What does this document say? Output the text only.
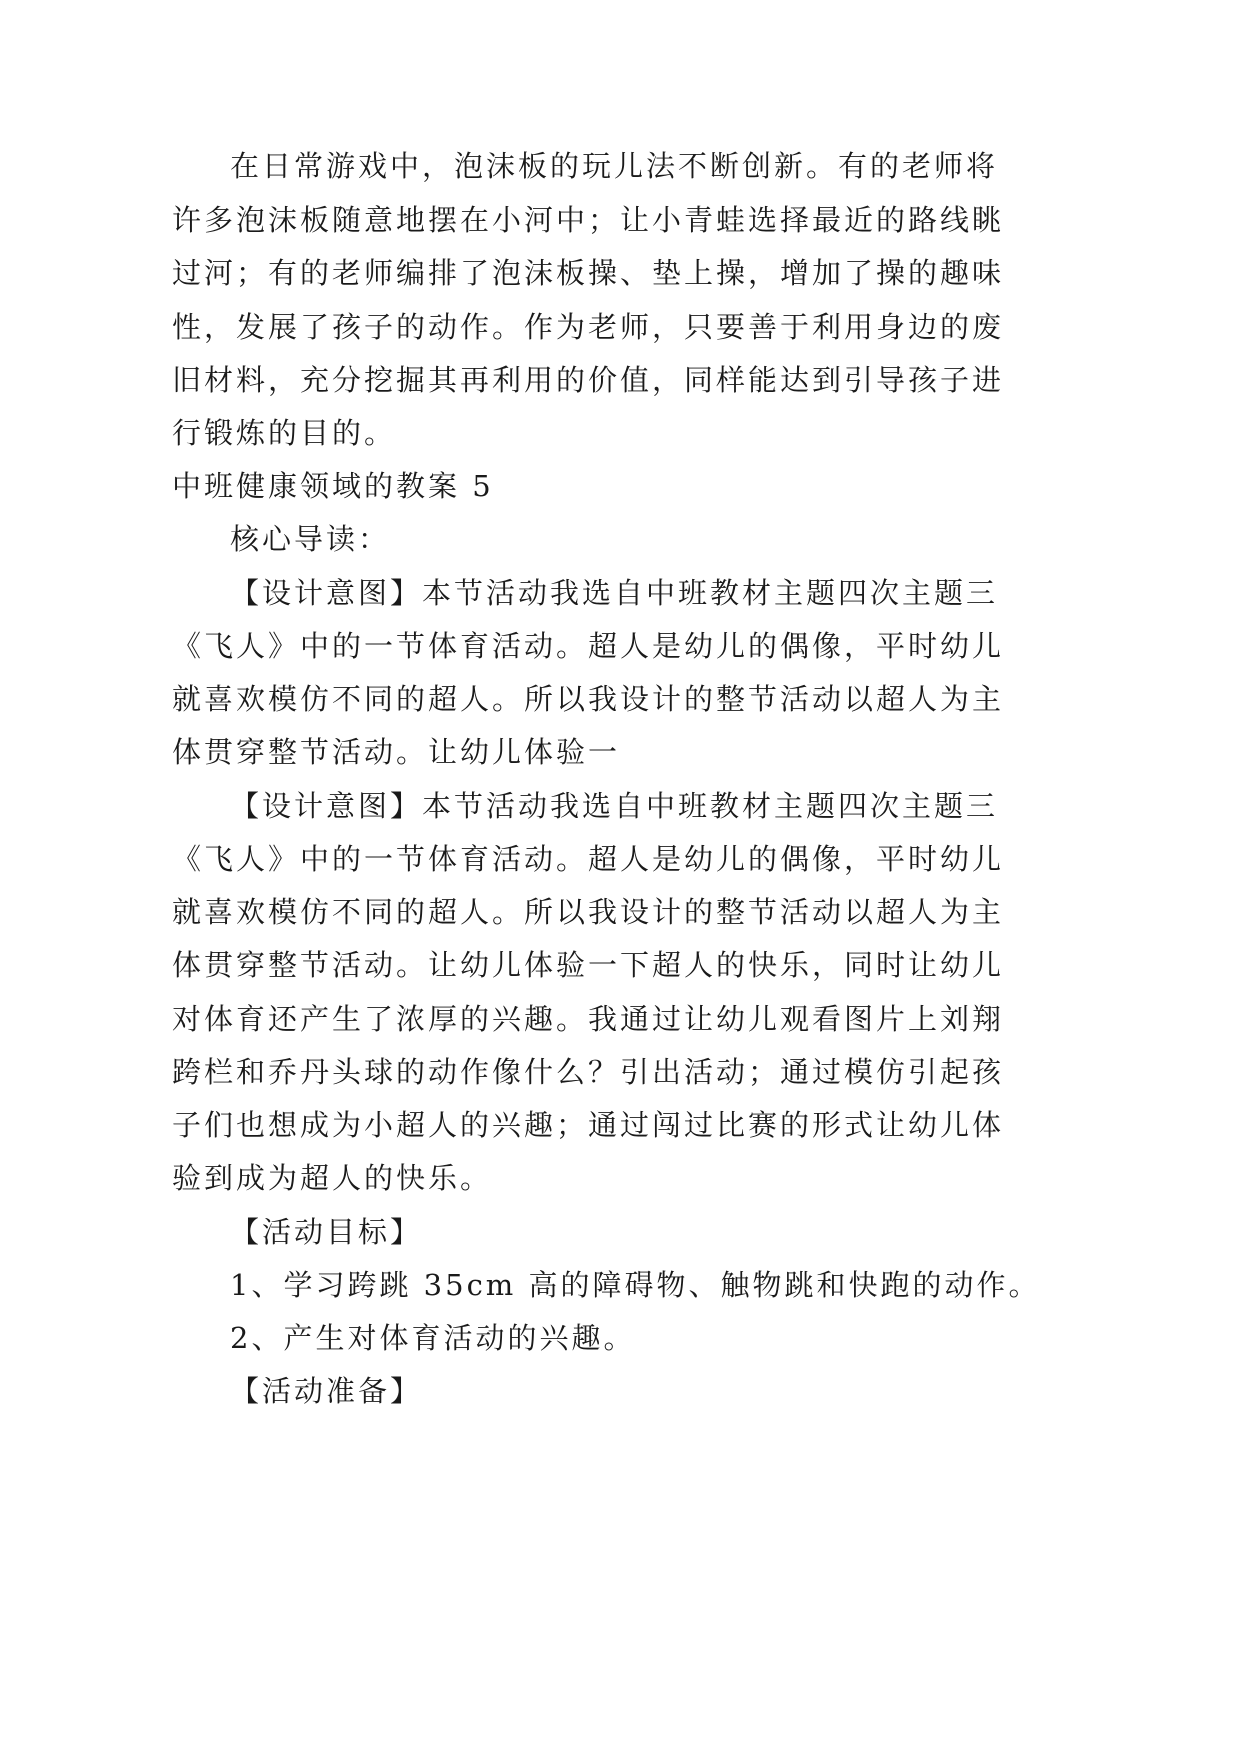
在日常游戏中，泡沫板的玩儿法不断创新。有的老师将
许多泡沫板随意地摆在小河中；让小青蛙选择最近的路线眺
过河；有的老师编排了泡沫板操、垫上操，增加了操的趣味
性，发展了孩子的动作。作为老师，只要善于利用身边的废
旧材料，充分挖掘其再利用的价值，同样能达到引导孩子进
行锻炼的目的。
中班健康领域的教案 5
核心导读：
【设计意图】本节活动我选自中班教材主题四次主题三
《飞人》中的一节体育活动。超人是幼儿的偶像，平时幼儿
就喜欢模仿不同的超人。所以我设计的整节活动以超人为主
体贯穿整节活动。让幼儿体验一
【设计意图】本节活动我选自中班教材主题四次主题三
《飞人》中的一节体育活动。超人是幼儿的偶像，平时幼儿
就喜欢模仿不同的超人。所以我设计的整节活动以超人为主
体贯穿整节活动。让幼儿体验一下超人的快乐，同时让幼儿
对体育还产生了浓厚的兴趣。我通过让幼儿观看图片上刘翔
跨栏和乔丹头球的动作像什么？引出活动；通过模仿引起孩
子们也想成为小超人的兴趣；通过闯过比赛的形式让幼儿体
验到成为超人的快乐。
【活动目标】
1、学习跨跳 35cm 高的障碍物、触物跳和快跑的动作。
2、产生对体育活动的兴趣。
【活动准备】
